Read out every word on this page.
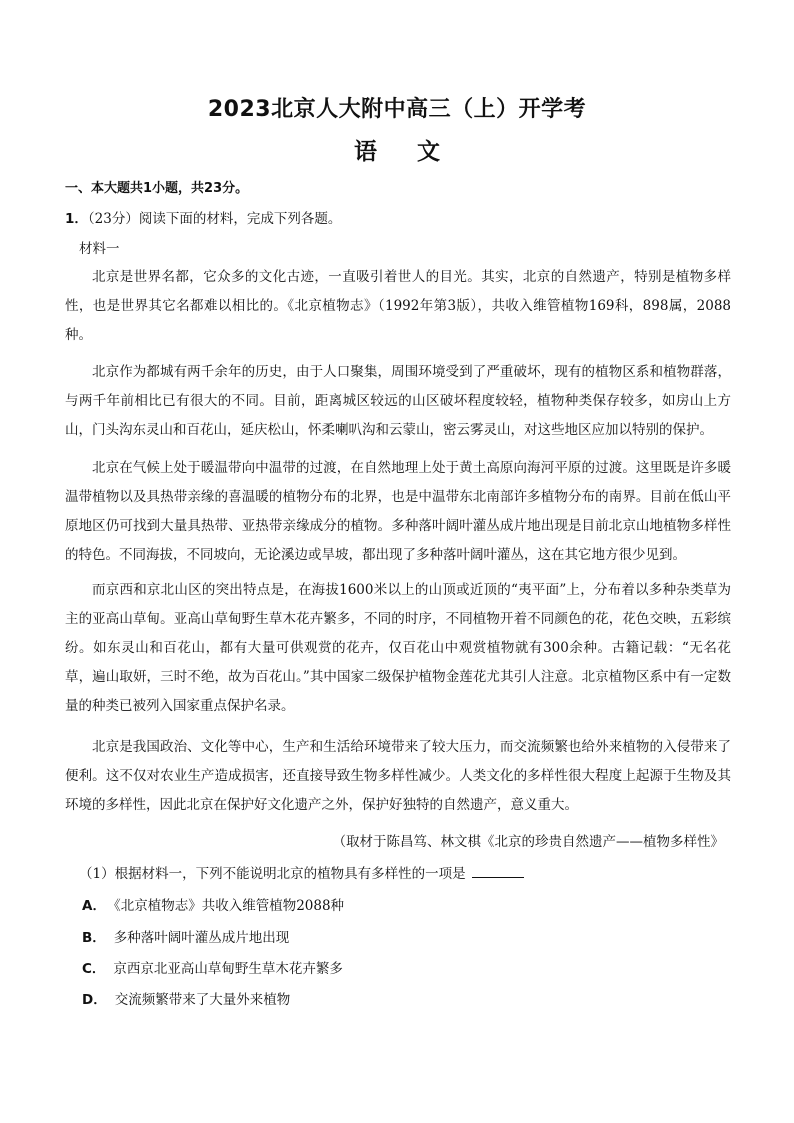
2023北京人大附中高三（上）开学考
语文
一、本大题共1小题，共23分。
1．（23分）阅读下面的材料，完成下列各题。
材料一
北京是世界名都，它众多的文化古迹，一直吸引着世人的目光。其实，北京的自然遗产，特别是植物多样性，也是世界其它名都难以相比的。《北京植物志》（1992年第3版），共收入维管植物169科，898属，2088种。
北京作为都城有两千余年的历史，由于人口聚集，周围环境受到了严重破坏，现有的植物区系和植物群落，与两千年前相比已有很大的不同。目前，距离城区较远的山区破坏程度较轻，植物种类保存较多，如房山上方山，门头沟东灵山和百花山，延庆松山，怀柔喇叭沟和云蒙山，密云雾灵山，对这些地区应加以特别的保护。
北京在气候上处于暖温带向中温带的过渡，在自然地理上处于黄土高原向海河平原的过渡。这里既是许多暖温带植物以及具热带亲缘的喜温暖的植物分布的北界，也是中温带东北南部许多植物分布的南界。目前在低山平原地区仍可找到大量具热带、亚热带亲缘成分的植物。多种落叶阔叶灌丛成片地出现是目前北京山地植物多样性的特色。不同海拔，不同坡向，无论溪边或旱坡，都出现了多种落叶阔叶灌丛，这在其它地方很少见到。
而京西和京北山区的突出特点是，在海拔1600米以上的山顶或近顶的“夷平面”上，分布着以多种杂类草为主的亚高山草甸。亚高山草甸野生草木花卉繁多，不同的时序，不同植物开着不同颜色的花，花色交映，五彩缤纷。如东灵山和百花山，都有大量可供观赏的花卉，仅百花山中观赏植物就有300余种。古籍记载：“无名花草，遍山取妍，三时不绝，故为百花山。”其中国家二级保护植物金莲花尤其引人注意。北京植物区系中有一定数量的种类已被列入国家重点保护名录。
北京是我国政治、文化等中心，生产和生活给环境带来了较大压力，而交流频繁也给外来植物的入侵带来了便利。这不仅对农业生产造成损害，还直接导致生物多样性减少。人类文化的多样性很大程度上起源于生物及其环境的多样性，因此北京在保护好文化遗产之外，保护好独特的自然遗产，意义重大。
（取材于陈昌笃、林文棋《北京的珍贵自然遗产——植物多样性》
（1）根据材料一，下列不能说明北京的植物具有多样性的一项是
A． 《北京植物志》共收入维管植物2088种
B． 多种落叶阔叶灌丛成片地出现
C． 京西京北亚高山草甸野生草木花卉繁多
D． 交流频繁带来了大量外来植物
